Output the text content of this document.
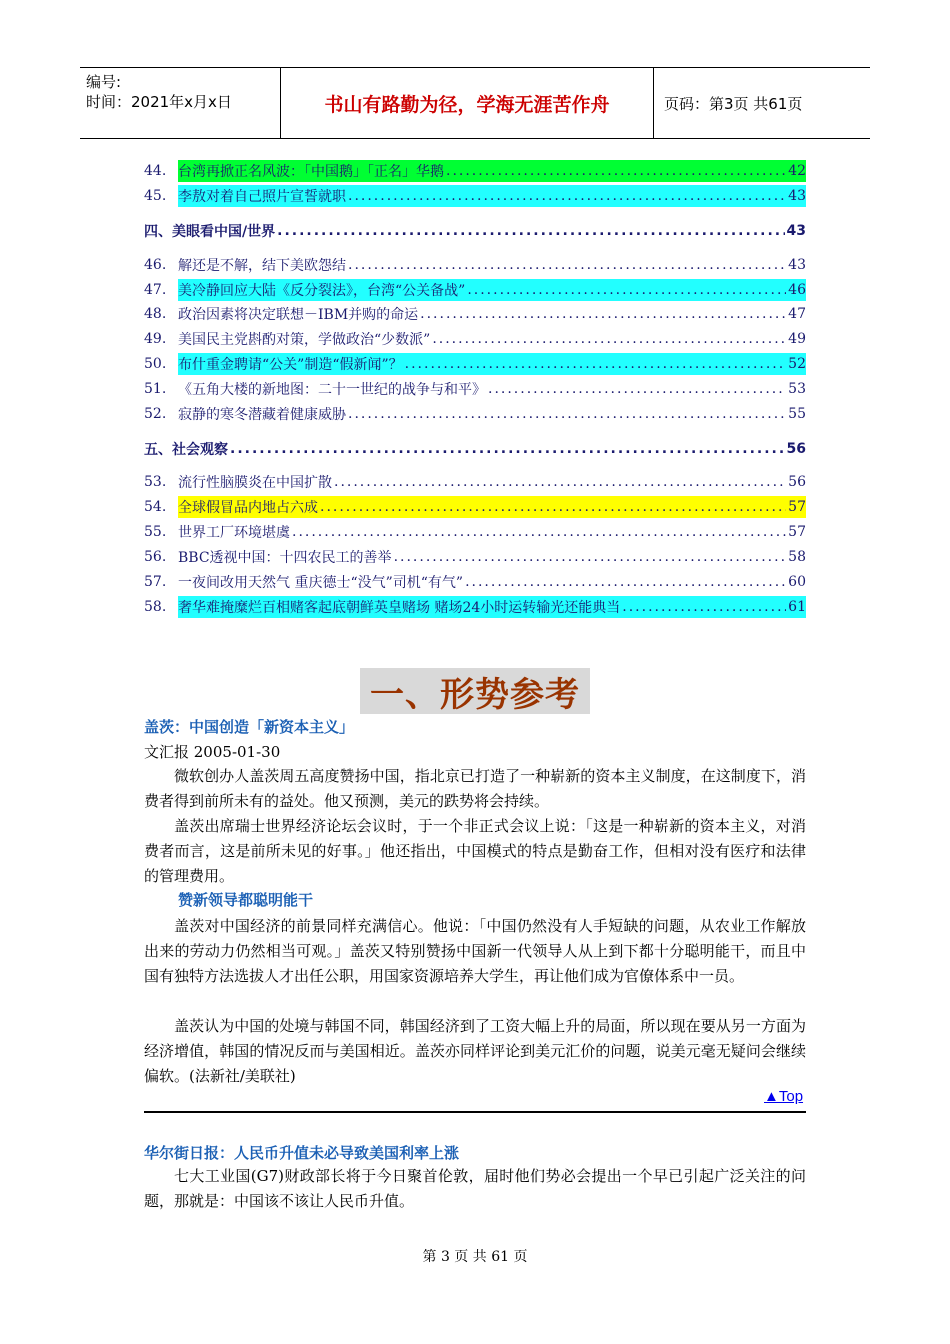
编号:
时间：2021年x月x日	书山有路勤为径，学海无涯苦作舟	页码：第3页 共61页
44. 台湾再掀正名风波：「中国鹅」「正名」华鹅 .....	42
45. 李敖对着自己照片宣誓就职 .....	43
四、美眼看中国/世界 .....	43
46. 解还是不解，结下美欧怨结 .....	43
47. 美冷静回应大陆《反分裂法》，台湾“公关备战” .....	46
48. 政治因素将决定联想－IBM并购的命运 .....	47
49. 美国民主党斟酌对策，学做政治“少数派” .....	49
50. 布什重金聘请“公关”制造“假新闻”？ .....	52
51. 《五角大楼的新地图：二十一世纪的战争与和平》 .....	53
52. 寂静的寒冬潜藏着健康威胁 .....	55
五、社会观察 .....	56
53. 流行性脑膜炎在中国扩散 .....	56
54. 全球假冒品内地占六成 .....	57
55. 世界工厂环境堪虞 .....	57
56. BBC透视中国：十四农民工的善举 .....	58
57. 一夜间改用天然气 重庆德士“没气”司机“有气” .....	60
58. 奢华难掩糜烂百相赌客起底朝鲜英皇赌场 赌场24小时运转输光还能典当 .....	61
一、形势参考
盖茨：中国创造「新资本主义」
文汇报 2005-01-30

微软创办人盖茨周五高度赞扬中国，指北京已打造了一种崭新的资本主义制度，在这制度下，消费者得到前所未有的益处。他又预测，美元的跌势将会持续。

盖茨出席瑞士世界经济论坛会议时，于一个非正式会议上说：「这是一种崭新的资本主义，对消费者而言，这是前所未见的好事。」他还指出，中国模式的特点是勤奋工作，但相对没有医疗和法律的管理费用。

赞新领导都聪明能干

盖茨对中国经济的前景同样充满信心。他说：「中国仍然没有人手短缺的问题，从农业工作解放出来的劳动力仍然相当可观。」盖茨又特别赞扬中国新一代领导人从上到下都十分聪明能干，而且中国有独特方法选拔人才出任公职，用国家资源培养大学生，再让他们成为官僚体系中一员。

盖茨认为中国的处境与韩国不同，韩国经济到了工资大幅上升的局面，所以现在要从另一方面为经济增值，韩国的情况反而与美国相近。盖茨亦同样评论到美元汇价的问题，说美元毫无疑问会继续偏软。(法新社/美联社)

▲Top
华尔街日报：人民币升值未必导致美国利率上涨

七大工业国(G7)财政部长将于今日聚首伦敦，届时他们势必会提出一个早已引起广泛关注的问题，那就是：中国该不该让人民币升值。

第 3 页 共 61 页
